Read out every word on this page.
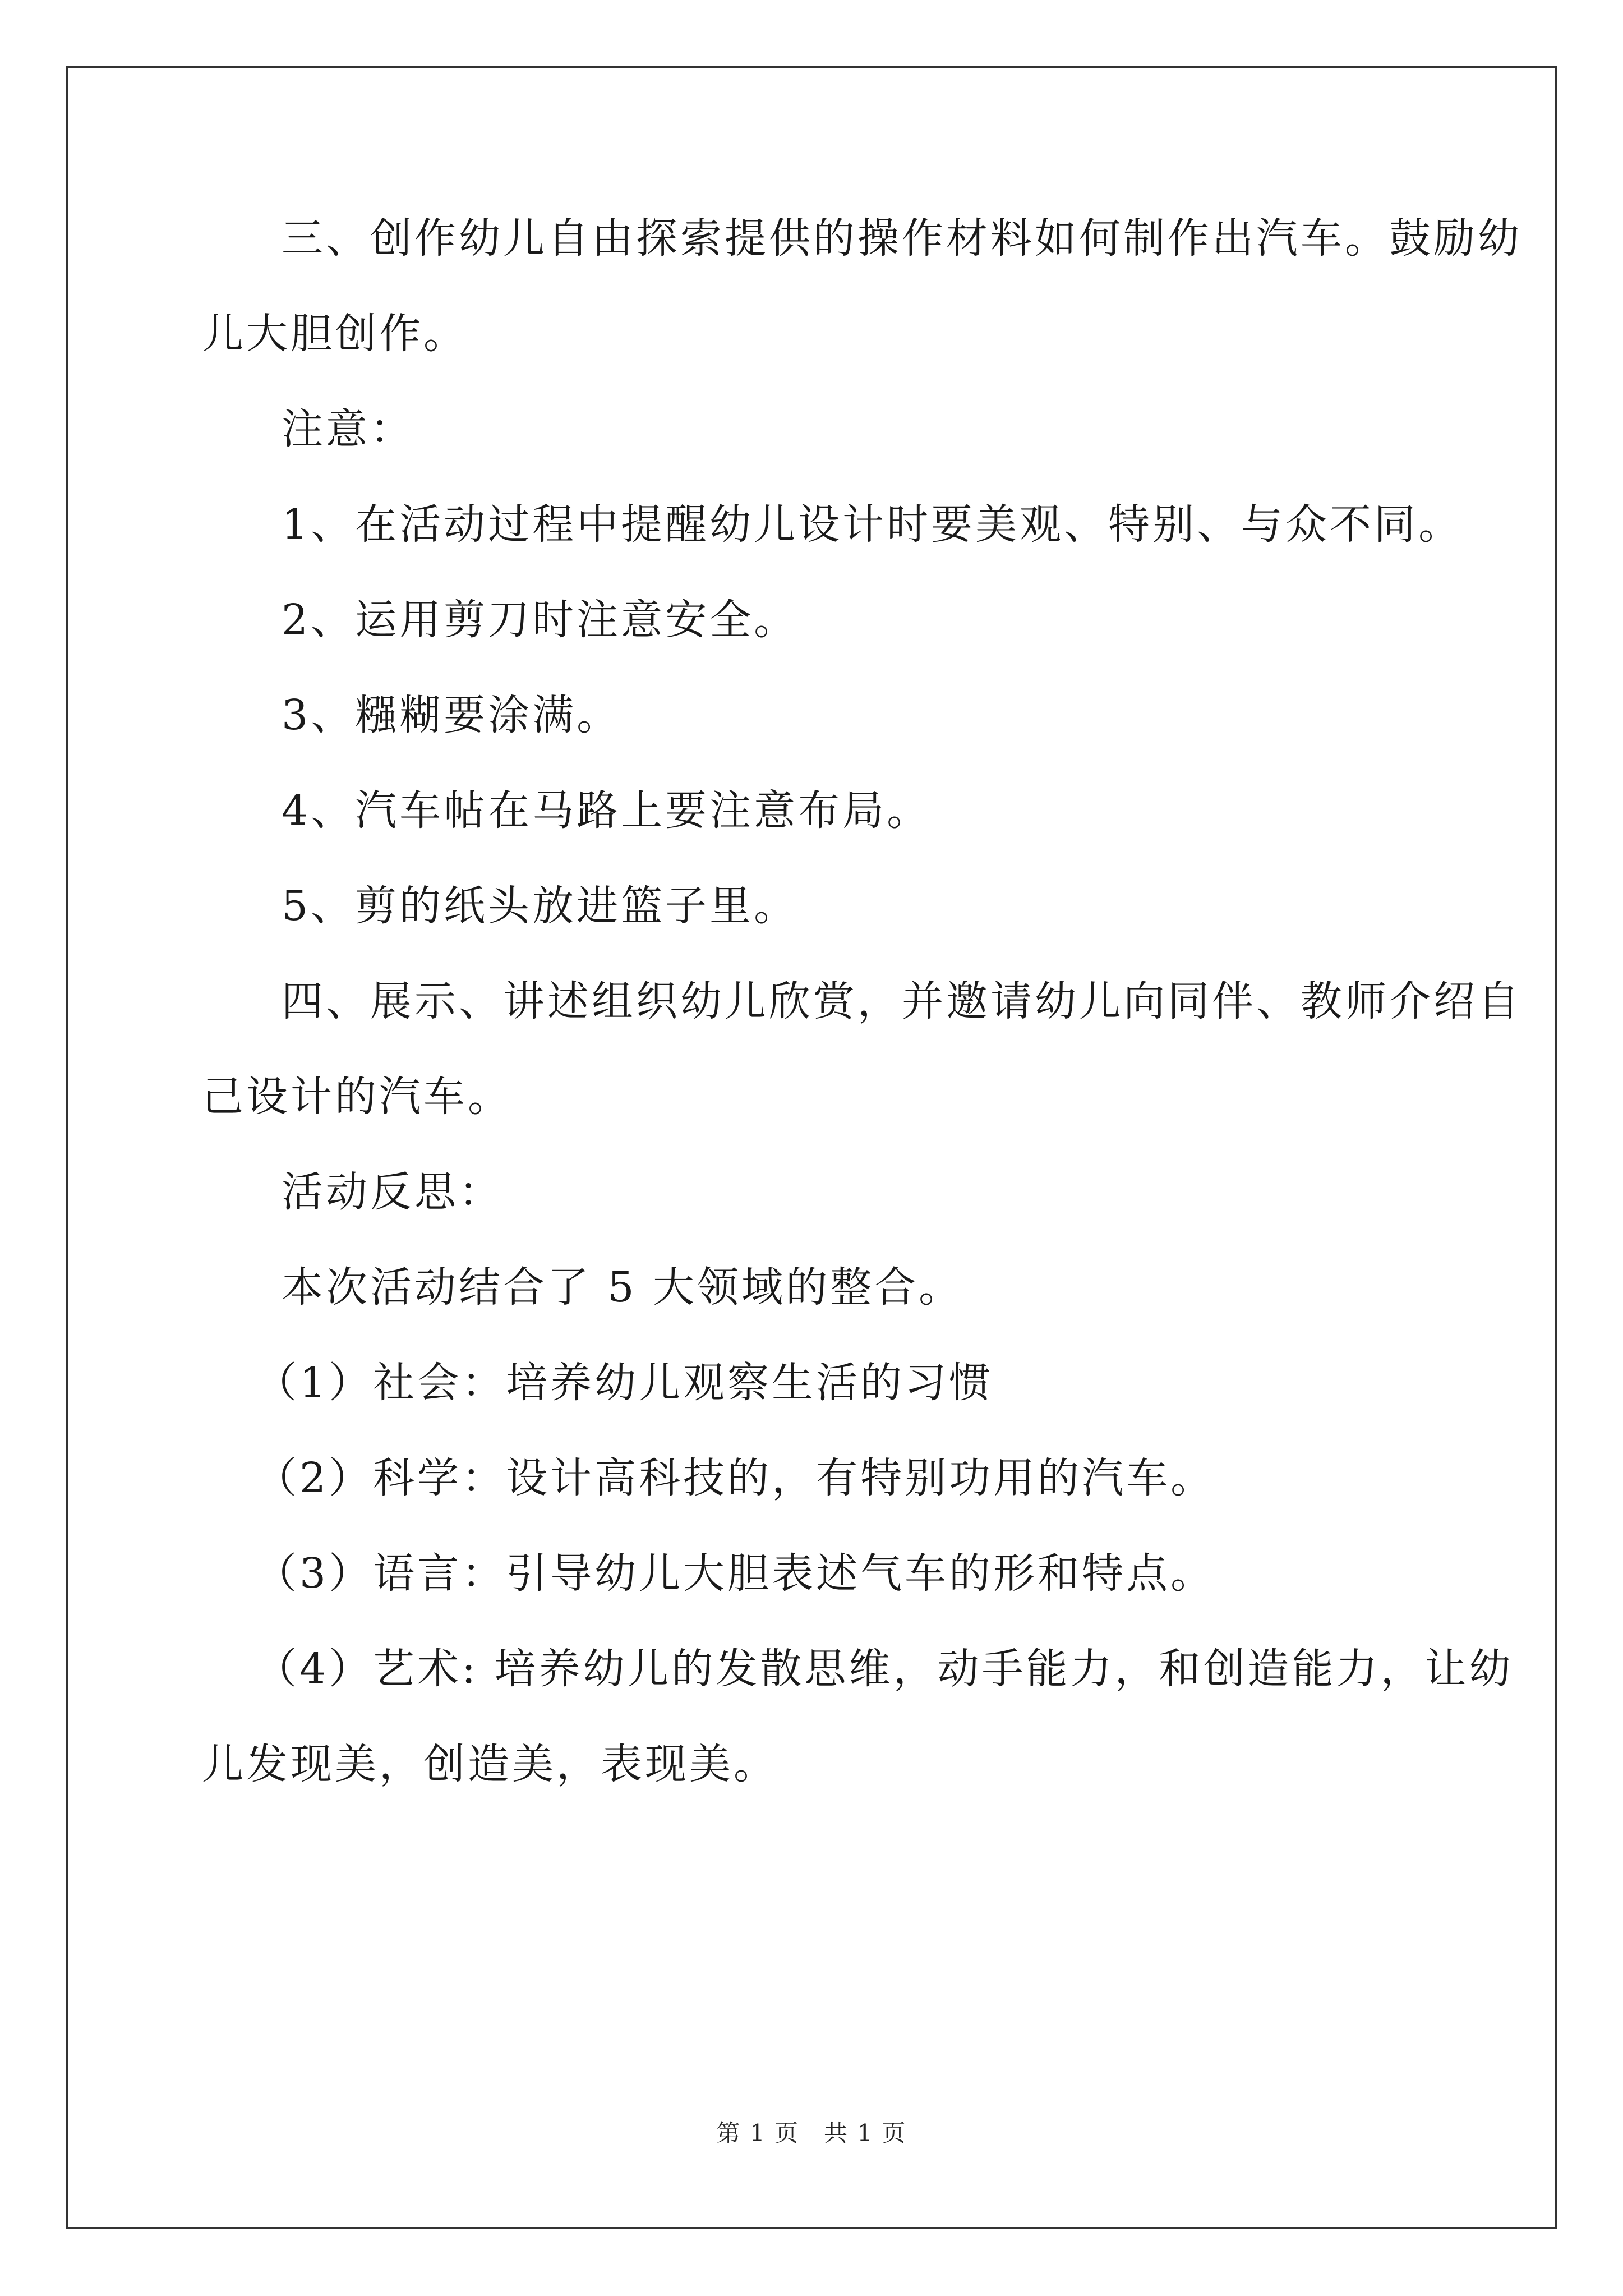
三、创作幼儿自由探索提供的操作材料如何制作出汽车。鼓励幼

儿大胆创作。

注意：

1、在活动过程中提醒幼儿设计时要美观、特别、与众不同。

2、运用剪刀时注意安全。

3、糨糊要涂满。

4、汽车帖在马路上要注意布局。

5、剪的纸头放进篮子里。

四、展示、讲述组织幼儿欣赏，并邀请幼儿向同伴、教师介绍自

己设计的汽车。

活动反思：

本次活动结合了 5 大领域的整合。

（1）社会：培养幼儿观察生活的习惯

（2）科学：设计高科技的，有特别功用的汽车。

（3）语言：引导幼儿大胆表述气车的形和特点。

（4）艺术: 培养幼儿的发散思维，动手能力，和创造能力，让幼

儿发现美，创造美，表现美。

第 1 页　共 1 页
